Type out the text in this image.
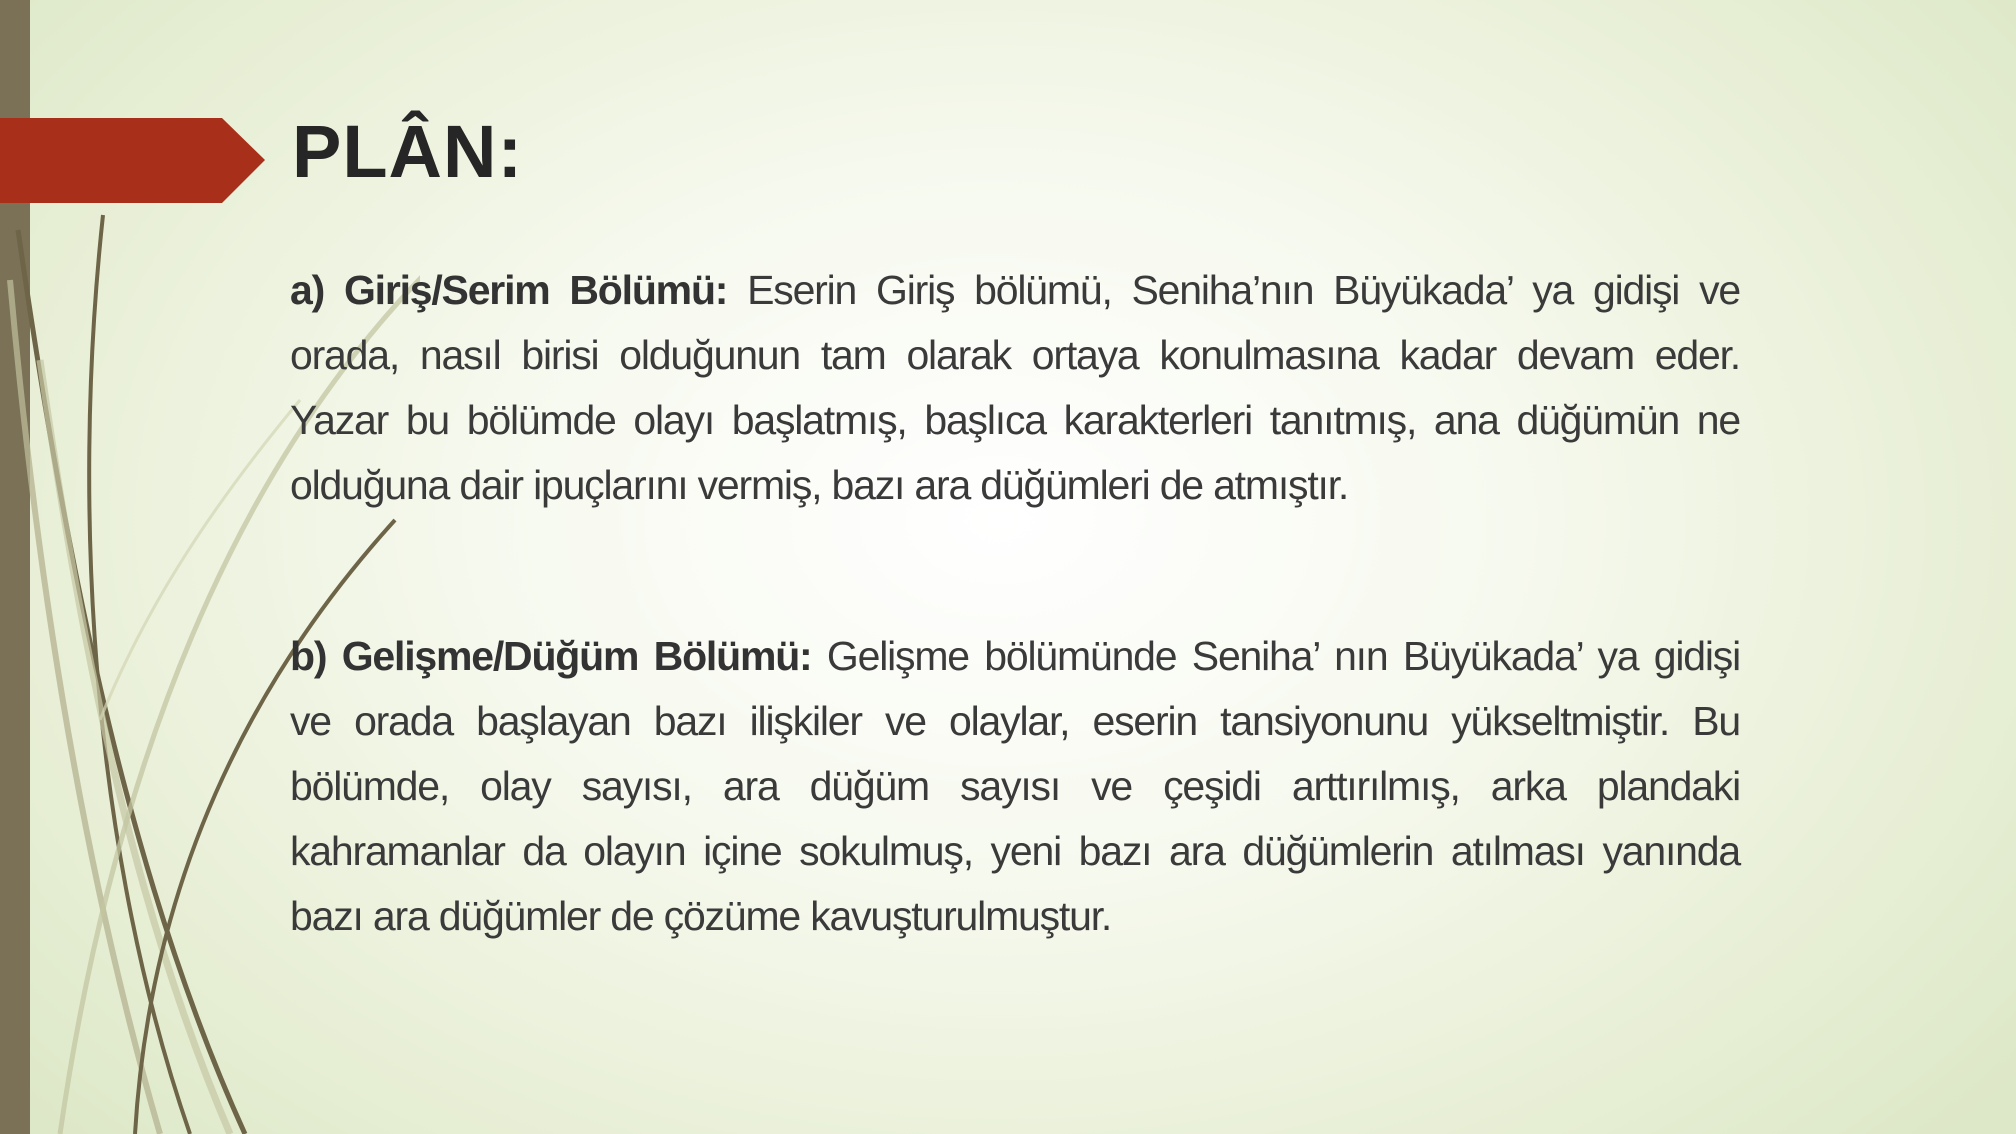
PLÂN:

a) Giriş/Serim Bölümü: Eserin Giriş bölümü, Seniha’nın Büyükada’ ya gidişi ve orada, nasıl birisi olduğunun tam olarak ortaya konulmasına kadar devam eder. Yazar bu bölümde olayı başlatmış, başlıca karakterleri tanıtmış, ana düğümün ne olduğuna dair ipuçlarını vermiş, bazı ara düğümleri de atmıştır.

b) Gelişme/Düğüm Bölümü: Gelişme bölümünde Seniha’ nın Büyükada’ ya gidişi ve orada başlayan bazı ilişkiler ve olaylar, eserin tansiyonunu yükseltmiştir. Bu bölümde, olay sayısı, ara düğüm sayısı ve çeşidi arttırılmış, arka plandaki kahramanlar da olayın içine sokulmuş, yeni bazı ara düğümlerin atılması yanında bazı ara düğümler de çözüme kavuşturulmuştur.
